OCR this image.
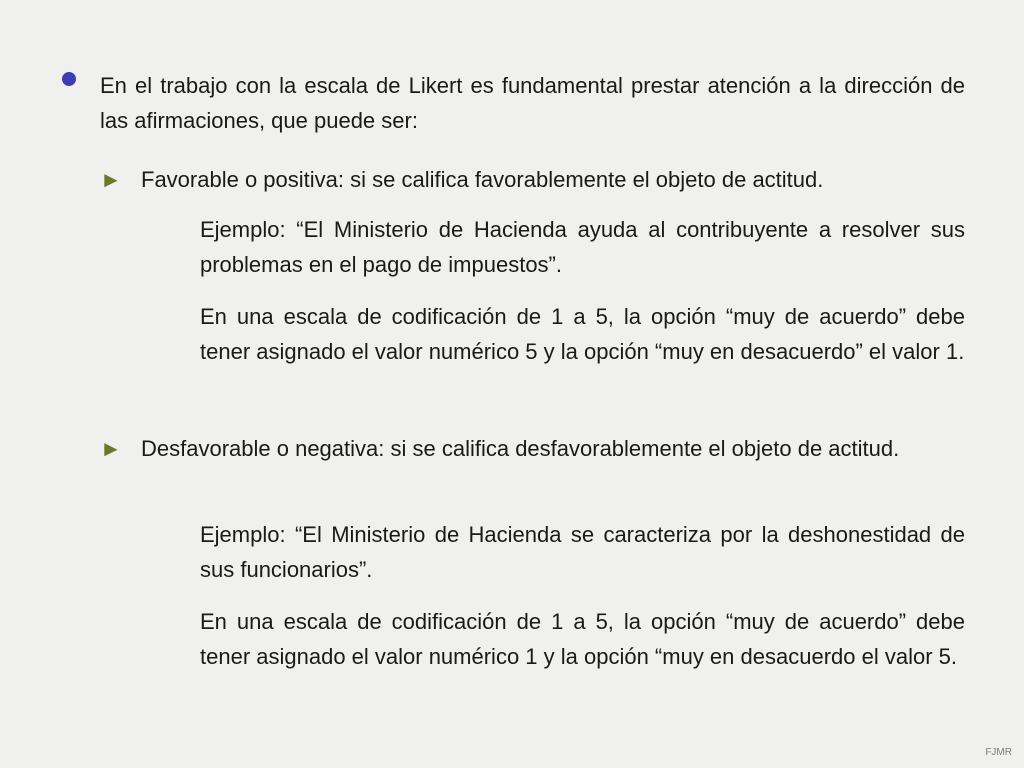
En el trabajo con la escala de Likert es fundamental prestar atención a la dirección de las afirmaciones, que puede ser:

► Favorable o positiva: si se califica favorablemente el objeto de actitud.

Ejemplo: “El Ministerio de Hacienda ayuda al contribuyente a resolver sus problemas en el pago de impuestos”.

En una escala de codificación de 1 a 5, la opción “muy de acuerdo” debe tener asignado el valor numérico 5 y la opción “muy en desacuerdo” el valor 1.

► Desfavorable o negativa: si se califica desfavorablemente el objeto de actitud.

Ejemplo: “El Ministerio de Hacienda se caracteriza por la deshonestidad de sus funcionarios”.

En una escala de codificación de 1 a 5, la opción “muy de acuerdo” debe tener asignado el valor numérico 1 y la opción “muy en desacuerdo el valor 5.

FJMR
